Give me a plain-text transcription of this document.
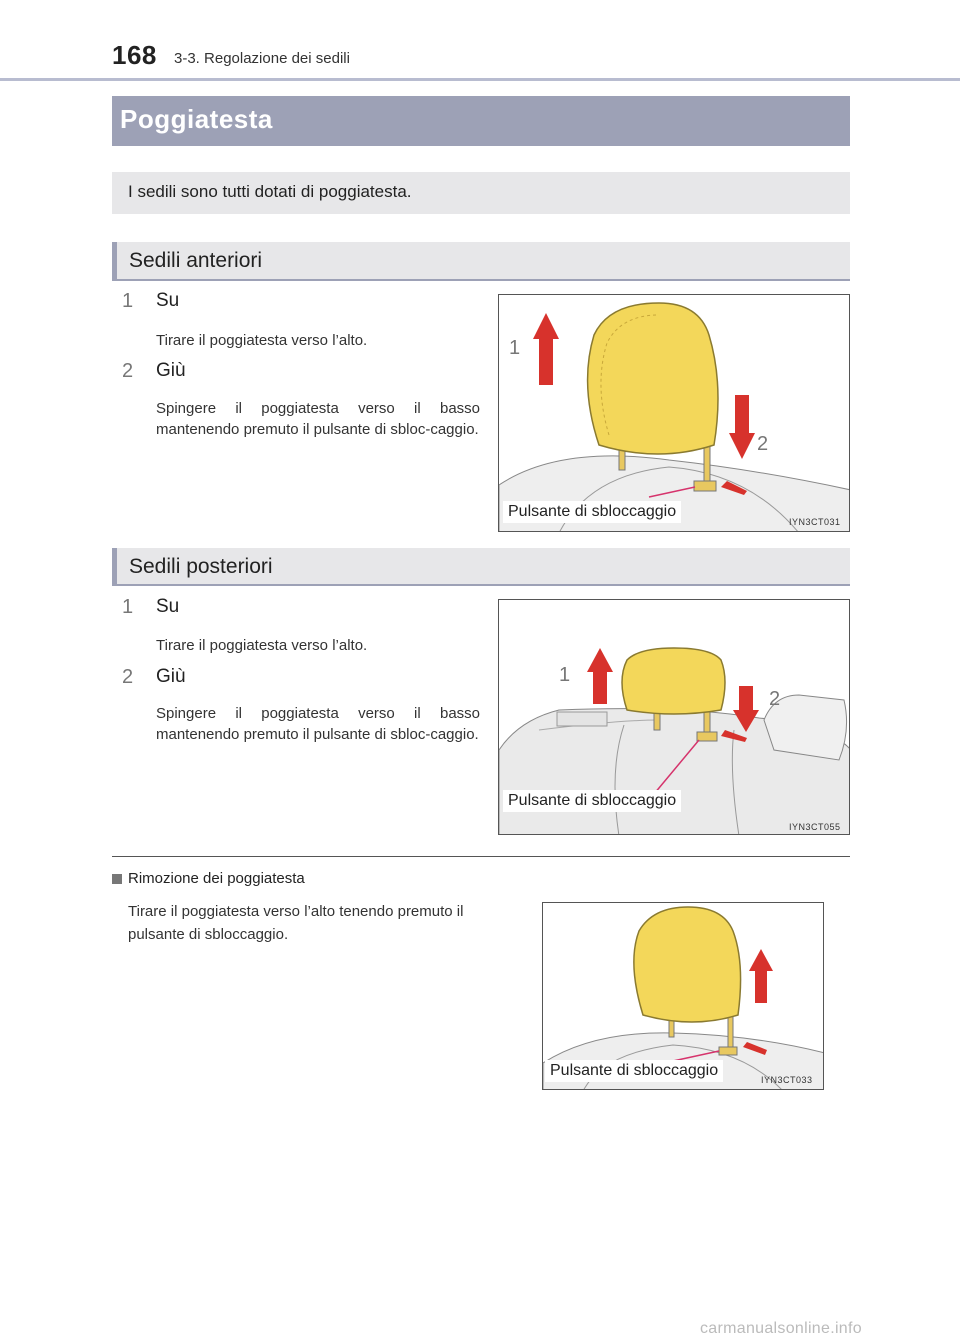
168 3-3. Regolazione dei sedili
Poggiatesta
I sedili sono tutti dotati di poggiatesta.
Sedili anteriori
1 Su
Tirare il poggiatesta verso l’alto.
2 Giù
Spingere il poggiatesta verso il basso mantenendo premuto il pulsante di sbloc-caggio.
1
2
Pulsante di sbloccaggio
IYN3CT031
Sedili posteriori
1 Su
Tirare il poggiatesta verso l’alto.
2 Giù
Spingere il poggiatesta verso il basso mantenendo premuto il pulsante di sbloc-caggio.
1
2
Pulsante di sbloccaggio
IYN3CT055
Rimozione dei poggiatesta
Tirare il poggiatesta verso l’alto tenendo premuto il pulsante di sbloccaggio.
Pulsante di sbloccaggio
IYN3CT033
carmanualsonline.info
